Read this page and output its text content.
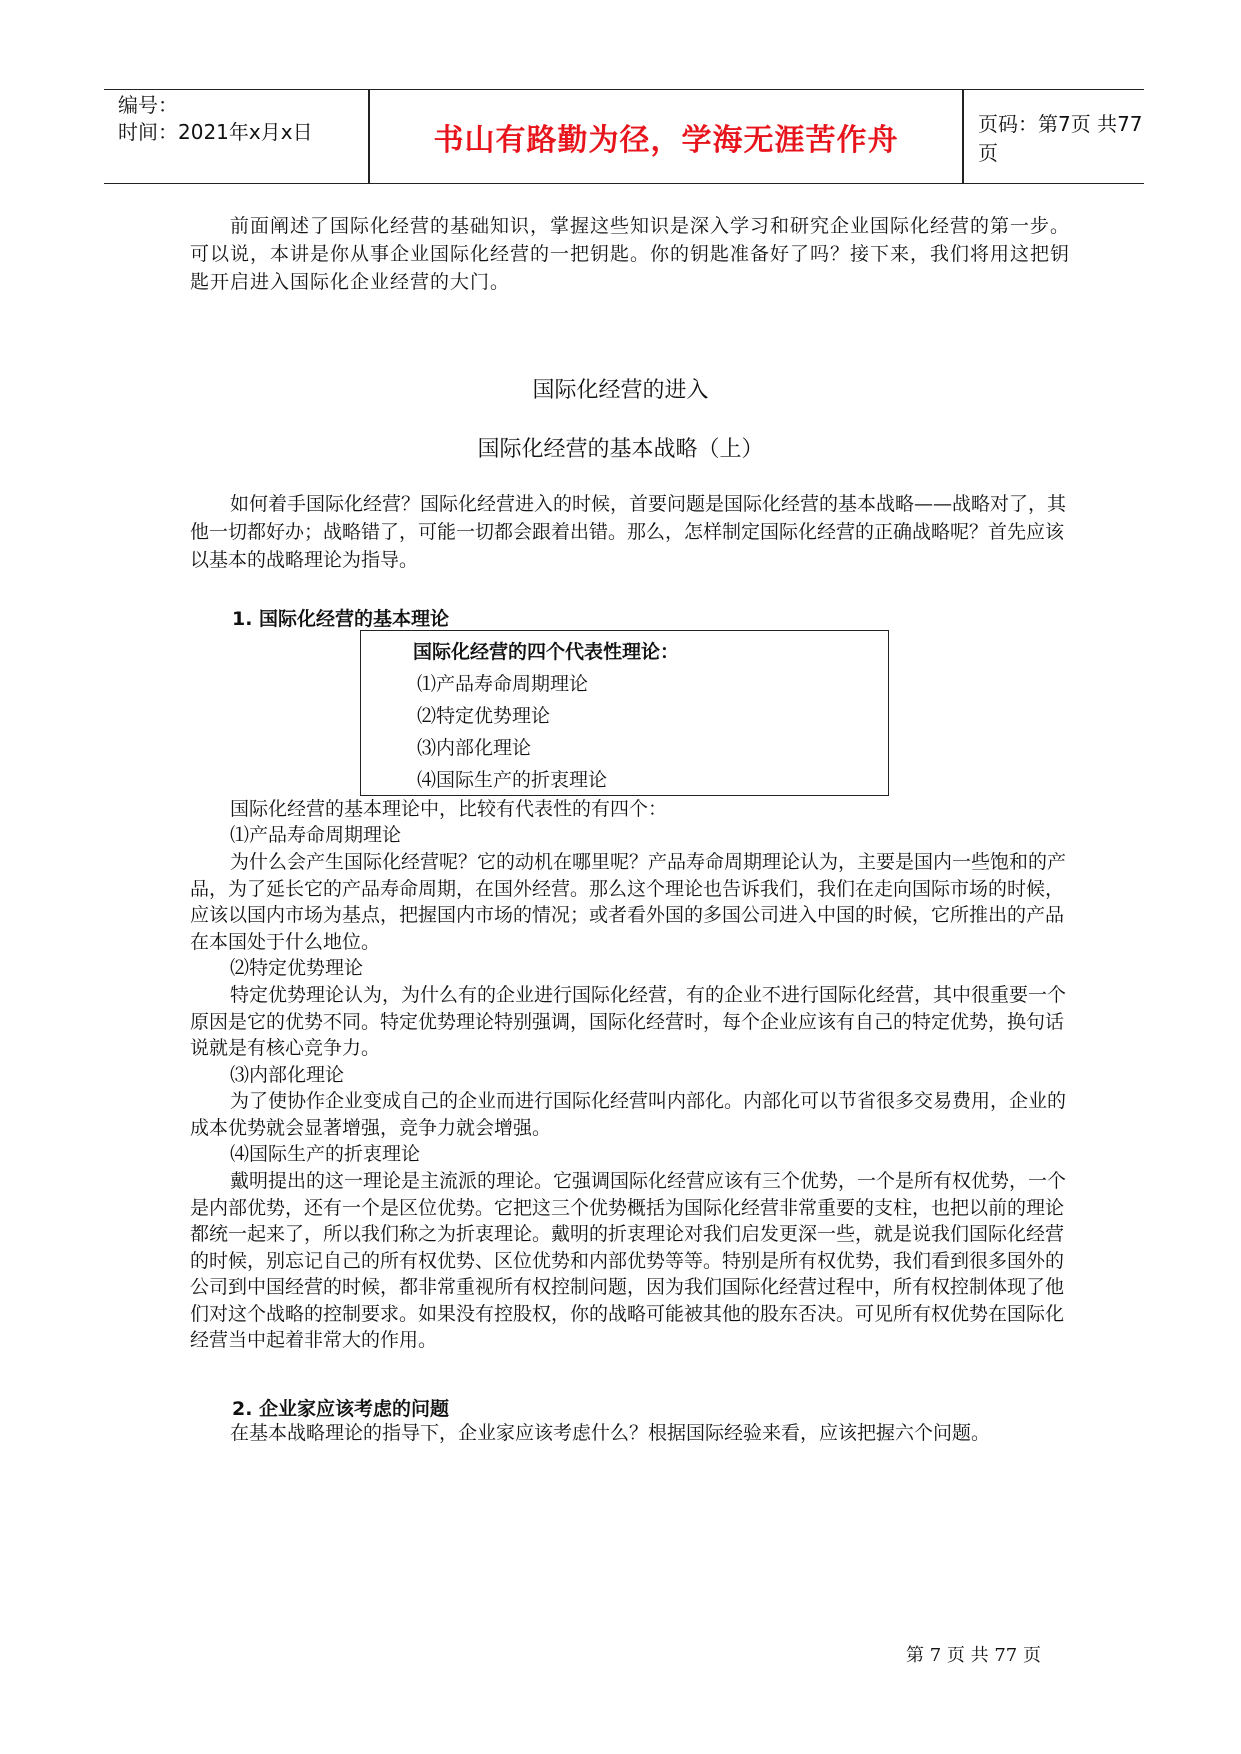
编号：
时间：2021年x月x日	书山有路勤为径，学海无涯苦作舟	页码：第7页 共77页
前面阐述了国际化经营的基础知识，掌握这些知识是深入学习和研究企业国际化经营的第一步。可以说，本讲是你从事企业国际化经营的一把钥匙。你的钥匙准备好了吗？接下来，我们将用这把钥匙开启进入国际化企业经营的大门。
国际化经营的进入
国际化经营的基本战略（上）
如何着手国际化经营？国际化经营进入的时候，首要问题是国际化经营的基本战略——战略对了，其他一切都好办；战略错了，可能一切都会跟着出错。那么，怎样制定国际化经营的正确战略呢？首先应该以基本的战略理论为指导。
1. 国际化经营的基本理论
国际化经营的四个代表性理论：
⑴产品寿命周期理论
⑵特定优势理论
⑶内部化理论
⑷国际生产的折衷理论
国际化经营的基本理论中，比较有代表性的有四个：
⑴产品寿命周期理论
为什么会产生国际化经营呢？它的动机在哪里呢？产品寿命周期理论认为，主要是国内一些饱和的产品，为了延长它的产品寿命周期，在国外经营。那么这个理论也告诉我们，我们在走向国际市场的时候，应该以国内市场为基点，把握国内市场的情况；或者看外国的多国公司进入中国的时候，它所推出的产品在本国处于什么地位。
⑵特定优势理论
特定优势理论认为，为什么有的企业进行国际化经营，有的企业不进行国际化经营，其中很重要一个原因是它的优势不同。特定优势理论特别强调，国际化经营时，每个企业应该有自己的特定优势，换句话说就是有核心竞争力。
⑶内部化理论
为了使协作企业变成自己的企业而进行国际化经营叫内部化。内部化可以节省很多交易费用，企业的成本优势就会显著增强，竞争力就会增强。
⑷国际生产的折衷理论
戴明提出的这一理论是主流派的理论。它强调国际化经营应该有三个优势，一个是所有权优势，一个是内部优势，还有一个是区位优势。它把这三个优势概括为国际化经营非常重要的支柱，也把以前的理论都统一起来了，所以我们称之为折衷理论。戴明的折衷理论对我们启发更深一些，就是说我们国际化经营的时候，别忘记自己的所有权优势、区位优势和内部优势等等。特别是所有权优势，我们看到很多国外的公司到中国经营的时候，都非常重视所有权控制问题，因为我们国际化经营过程中，所有权控制体现了他们对这个战略的控制要求。如果没有控股权，你的战略可能被其他的股东否决。可见所有权优势在国际化经营当中起着非常大的作用。
2. 企业家应该考虑的问题
在基本战略理论的指导下，企业家应该考虑什么？根据国际经验来看，应该把握六个问题。
第 7 页 共 77 页
